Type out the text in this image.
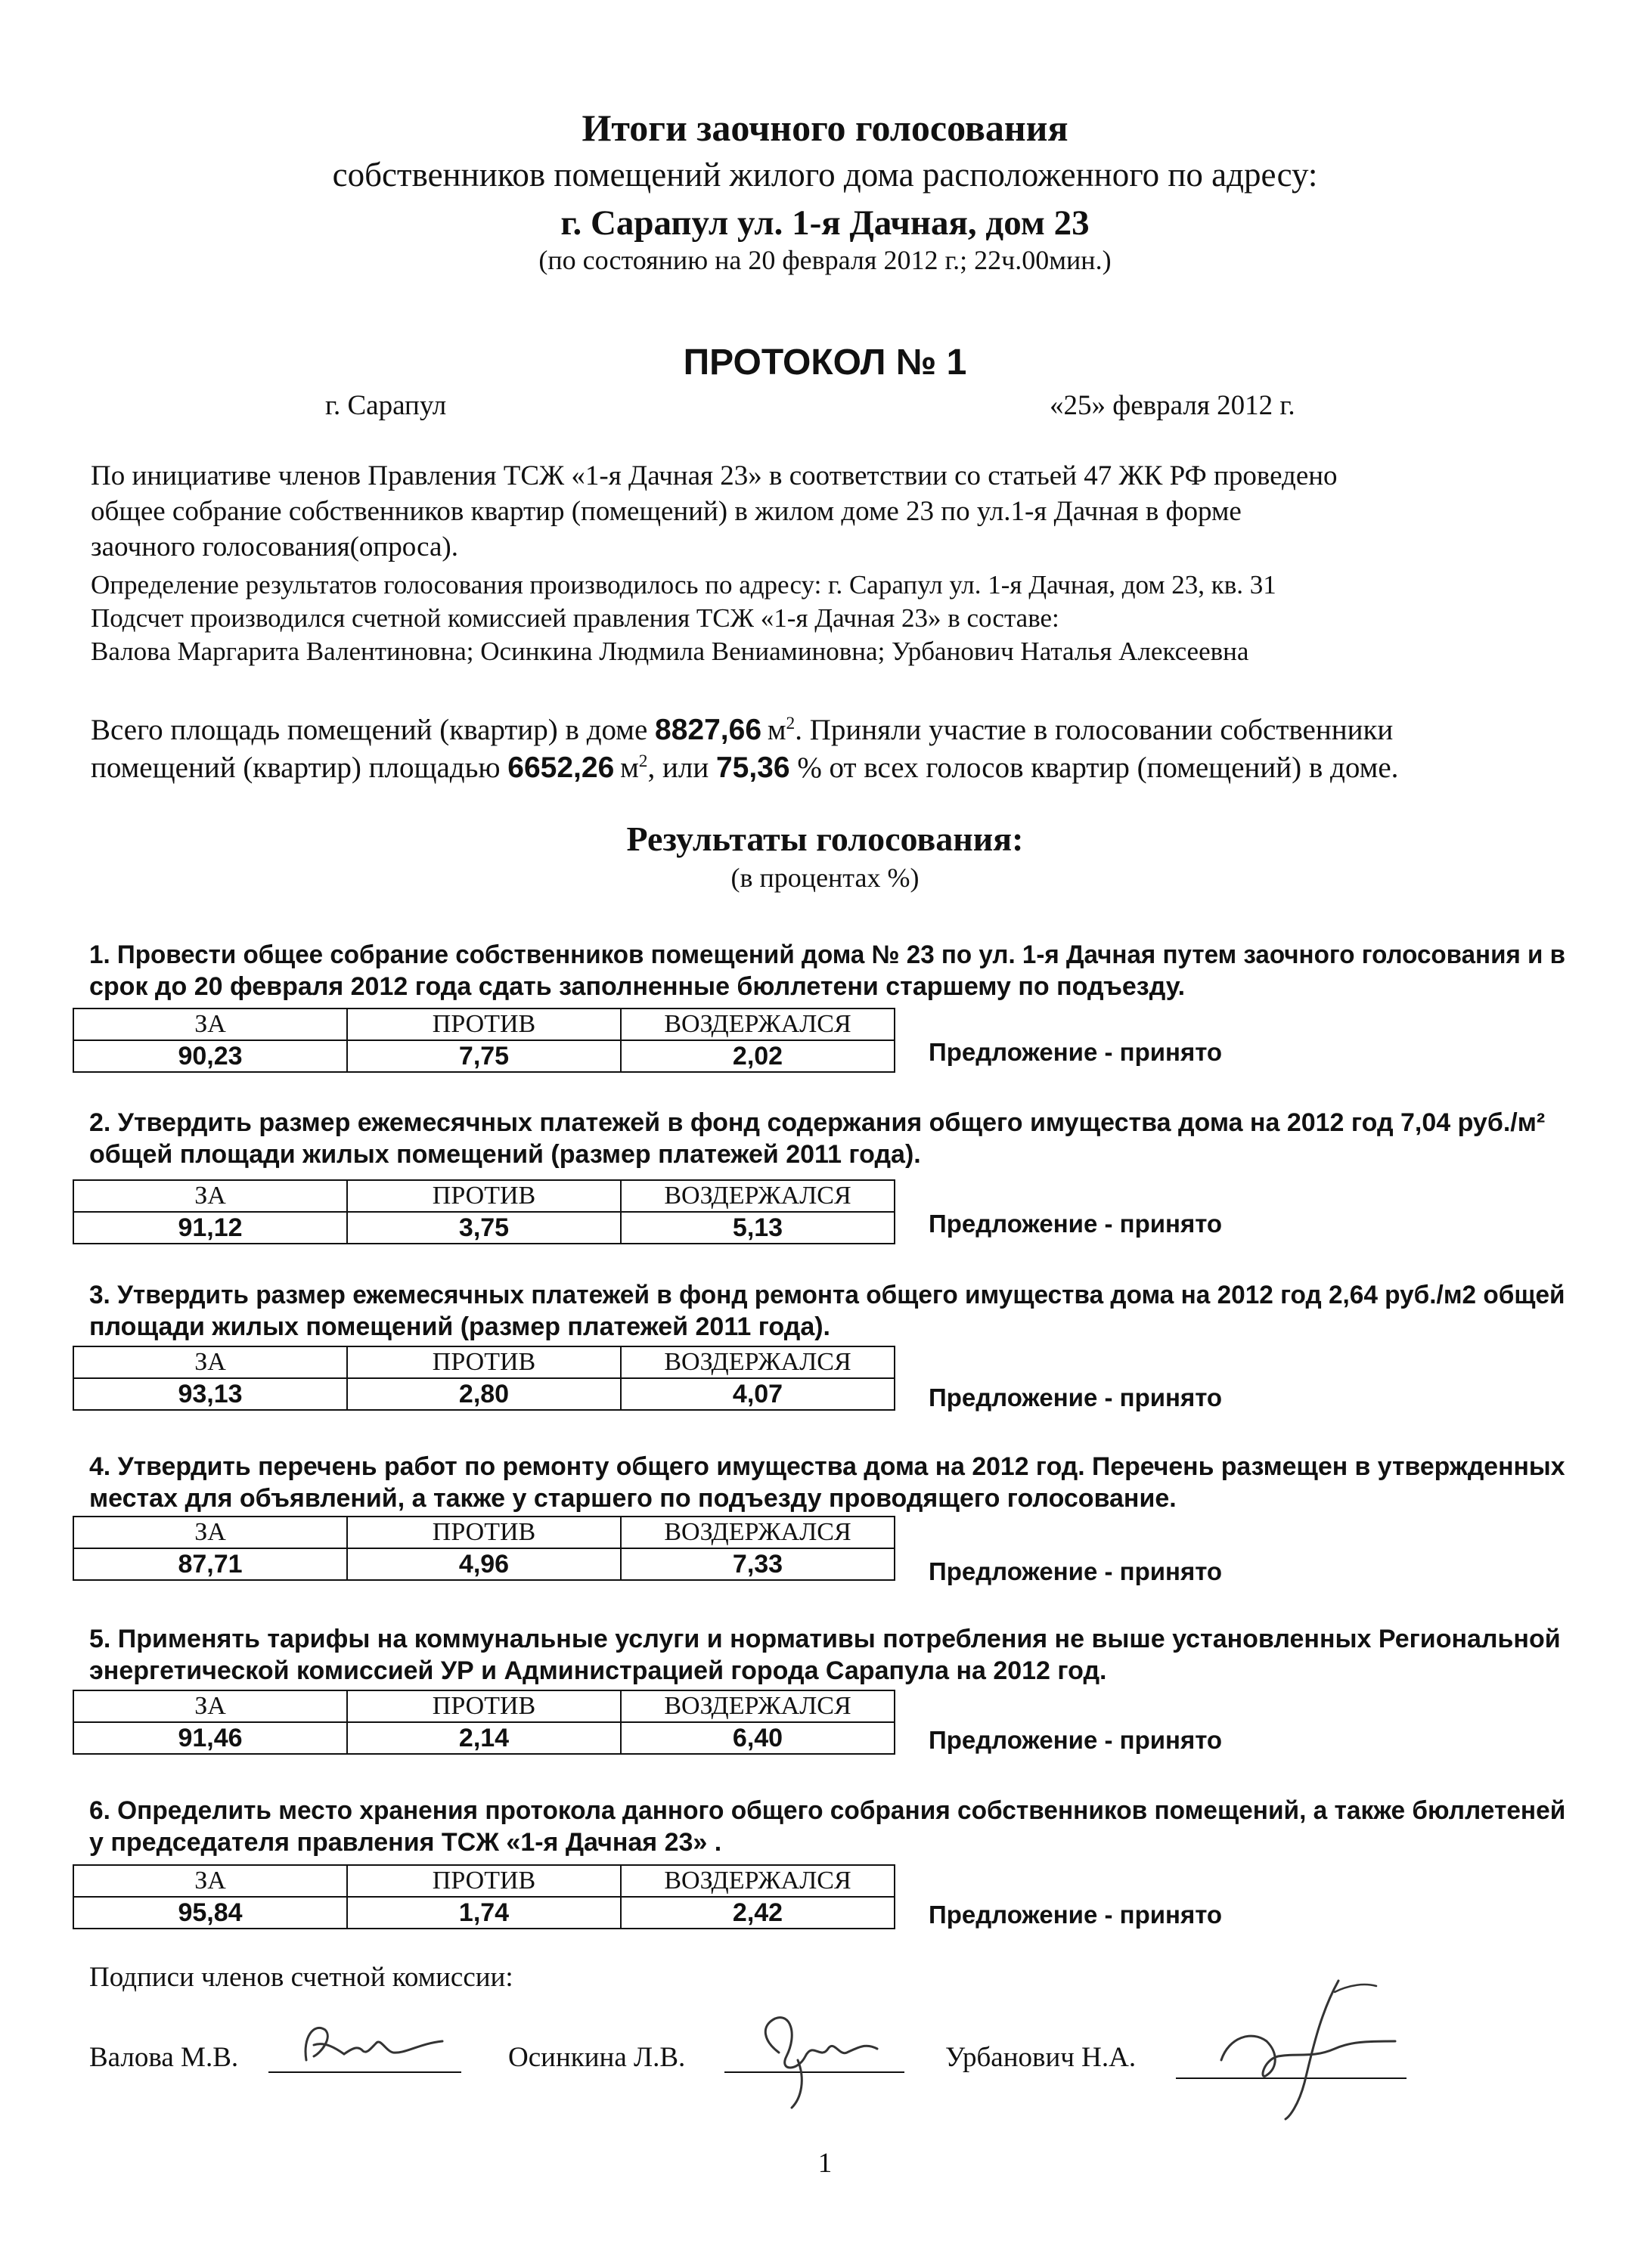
Итоги заочного голосования
собственников помещений жилого дома расположенного по адресу:
г. Сарапул ул. 1-я Дачная, дом 23
(по состоянию на 20 февраля 2012 г.; 22ч.00мин.)
ПРОТОКОЛ № 1
г. Сарапул	«25» февраля 2012 г.
По инициативе членов Правления ТСЖ «1-я Дачная 23» в соответствии со статьей 47 ЖК РФ проведено
общее собрание собственников квартир (помещений) в жилом доме 23 по ул.1-я Дачная в форме
заочного голосования(опроса).
Определение результатов голосования производилось по адресу: г. Сарапул ул. 1-я Дачная, дом 23, кв. 31
Подсчет производился счетной комиссией правления ТСЖ «1-я Дачная 23» в составе:
Валова Маргарита Валентиновна; Осинкина Людмила Вениаминовна; Урбанович Наталья Алексеевна
Всего площадь помещений (квартир) в доме 8827,66  $м^2$. Приняли участие в голосовании собственники
помещений (квартир) площадью 6652,26  $м^2$, или 75,36 % от всех голосов квартир (помещений) в доме.
Результаты голосования:
(в процентах %)
1. Провести общее собрание собственников помещений дома № 23 по ул. 1-я Дачная путем заочного голосования и в
срок до 20 февраля 2012 года сдать заполненные бюллетени старшему по подъезду.
ЗА	ПРОТИВ	ВОЗДЕРЖАЛСЯ
90,23	7,75	2,02	Предложение - принято
2. Утвердить размер ежемесячных платежей в фонд содержания общего имущества дома на 2012 год 7,04 руб./м²
общей площади жилых помещений (размер платежей 2011 года).
ЗА	ПРОТИВ	ВОЗДЕРЖАЛСЯ
91,12	3,75	5,13	Предложение - принято
3. Утвердить размер ежемесячных платежей в фонд ремонта общего имущества дома на 2012 год 2,64 руб./м2 общей
площади жилых помещений (размер платежей 2011 года).
ЗА	ПРОТИВ	ВОЗДЕРЖАЛСЯ
93,13	2,80	4,07	Предложение - принято
4. Утвердить перечень работ по ремонту общего имущества дома на 2012 год. Перечень размещен в утвержденных
местах для объявлений, а также у старшего по подъезду проводящего голосование.
ЗА	ПРОТИВ	ВОЗДЕРЖАЛСЯ
87,71	4,96	7,33	Предложение - принято
5. Применять тарифы на коммунальные услуги и нормативы потребления не выше установленных Региональной
энергетической комиссией УР и Администрацией города Сарапула на 2012 год.
ЗА	ПРОТИВ	ВОЗДЕРЖАЛСЯ
91,46	2,14	6,40	Предложение - принято
6. Определить место хранения протокола данного общего собрания собственников помещений, а также бюллетеней
у председателя правления ТСЖ «1-я Дачная 23» .
ЗА	ПРОТИВ	ВОЗДЕРЖАЛСЯ
95,84	1,74	2,42	Предложение - принято
Подписи членов счетной комиссии:
Валова М.В.	Осинкина Л.В.	Урбанович Н.А.
1
